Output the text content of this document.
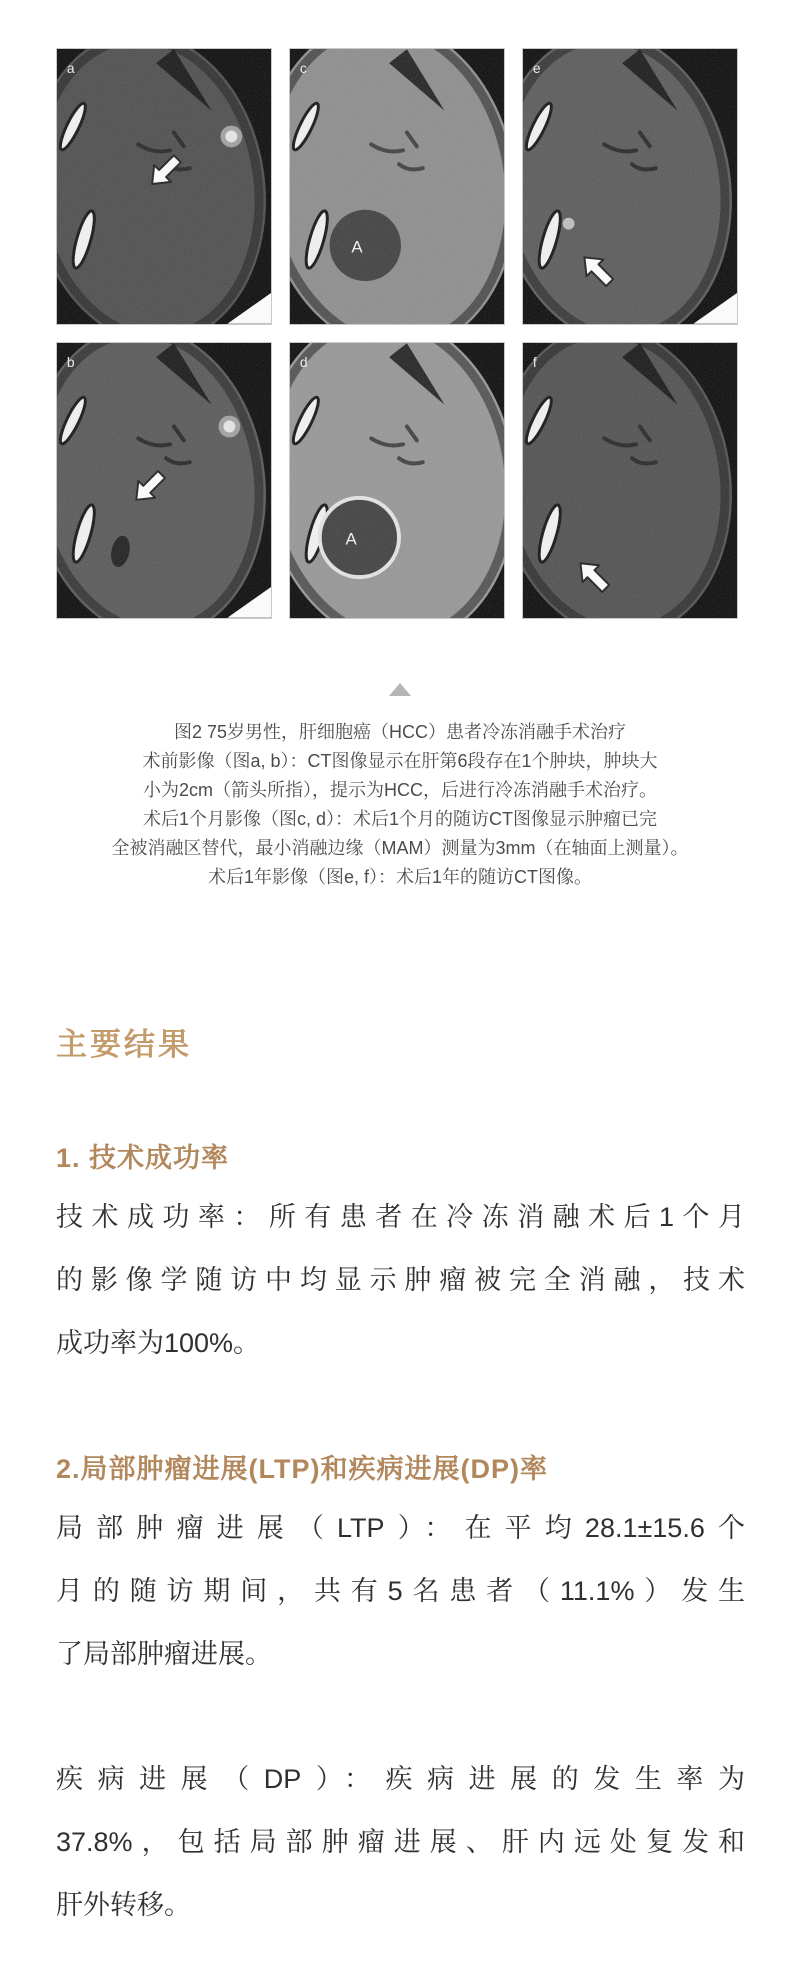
a
A
c	e
b
A
d	f
图2 75岁男性，肝细胞癌（HCC）患者冷冻消融手术治疗
术前影像（图a, b）：CT图像显示在肝第6段存在1个肿块，肿块大
小为2cm（箭头所指），提示为HCC，后进行冷冻消融手术治疗。
术后1个月影像（图c, d）：术后1个月的随访CT图像显示肿瘤已完
全被消融区替代，最小消融边缘（MAM）测量为3mm（在轴面上测量）。
术后1年影像（图e, f）：术后1年的随访CT图像。
主要结果
1. 技术成功率
技术成功率：所有患者在冷冻消融术后1个月
的影像学随访中均显示肿瘤被完全消融，技术
成功率为100%。
2.局部肿瘤进展(LTP)和疾病进展(DP)率
局部肿瘤进展（LTP）：在平均28.1±15.6个
月的随访期间，共有5名患者（11.1%）发生
了局部肿瘤进展。
疾病进展（DP）：疾病进展的发生率为
37.8%，包括局部肿瘤进展、肝内远处复发和
肝外转移。
